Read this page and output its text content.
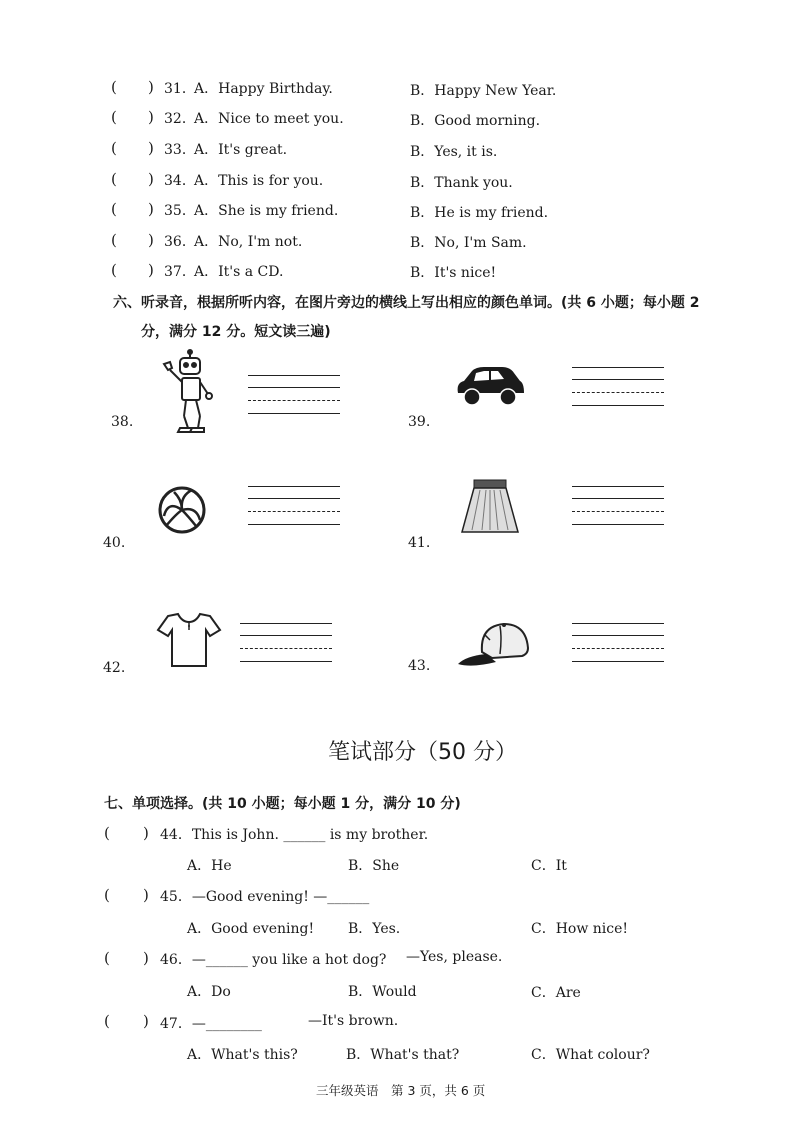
( ) 31．
A．Happy Birthday.	B．Happy New Year.
( ) 32．
A．Nice to meet you.	B．Good morning.
( ) 33．
A．It's great.	B．Yes, it is.
( ) 34．
A．This is for you.	B．Thank you.
( ) 35．
A．She is my friend.	B．He is my friend.
( ) 36．
A．No, I'm not.	B．No, I'm Sam.
( ) 37．
A．It's a CD.	B．It's nice!
六、听录音，根据所听内容，在图片旁边的横线上写出相应的颜色单词。(共 6 小题；每小题 2
分，满分 12 分。短文读三遍)
38.	39.
40.	41.
42.	43.
笔试部分（50 分）
七、单项选择。(共 10 小题；每小题 1 分，满分 10 分)
( ) 44．This is John. ______ is my brother.
A．He	B．She	C．It
( ) 45．—Good evening! —______
A．Good evening! B．Yes.	C．How nice!
( ) 46．—______ you like a hot dog? —Yes, please.
A．Do	B．Would	C．Are
( ) 47．—________	—It's brown.
A．What's this?	B．What's that?	C．What colour?
三年级英语　第 3 页，共 6 页
